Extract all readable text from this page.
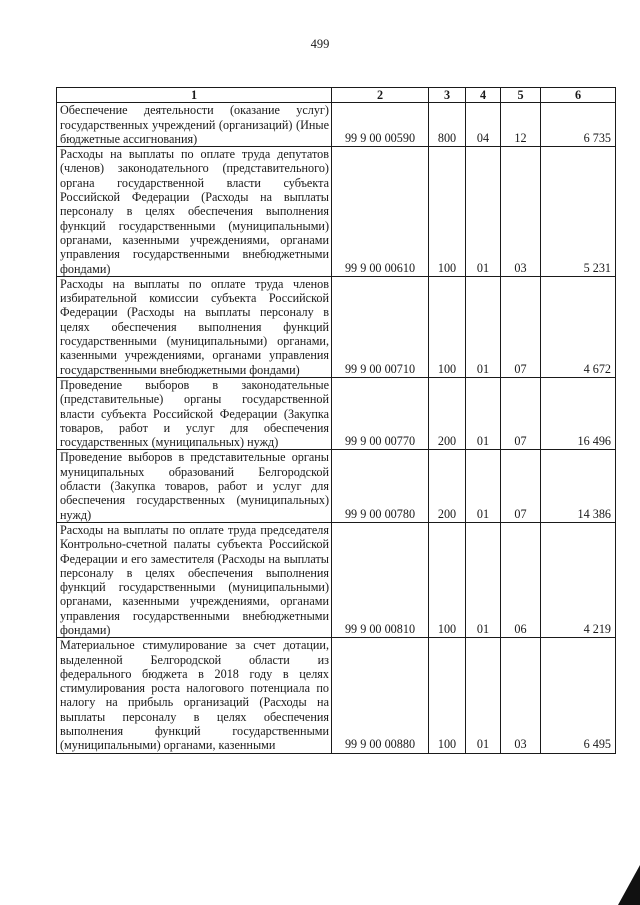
499
1	2	3	4	5	6
Обеспечение деятельности (оказание услуг) государственных учреждений (организаций) (Иные бюджетные ассигнования)	99 9 00 00590	800	04	12	6 735
Расходы на выплаты по оплате труда депутатов (членов) законодательного (представительного) органа государственной власти субъекта Российской Федерации (Расходы на выплаты персоналу в целях обеспечения выполнения функций государственными (муниципальными) органами, казенными учреждениями, органами управления государственными внебюджетными фондами)	99 9 00 00610	100	01	03	5 231
Расходы на выплаты по оплате труда членов избирательной комиссии субъекта Российской Федерации (Расходы на выплаты персоналу в целях обеспечения выполнения функций государственными (муниципальными) органами, казенными учреждениями, органами управления государственными внебюджетными фондами)	99 9 00 00710	100	01	07	4 672
Проведение выборов в законодательные (представительные) органы государственной власти субъекта Российской Федерации (Закупка товаров, работ и услуг для обеспечения государственных (муниципальных) нужд)	99 9 00 00770	200	01	07	16 496
Проведение выборов в представительные органы муниципальных образований Белгородской области (Закупка товаров, работ и услуг для обеспечения государственных (муниципальных) нужд)	99 9 00 00780	200	01	07	14 386
Расходы на выплаты по оплате труда председателя Контрольно-счетной палаты субъекта Российской Федерации и его заместителя (Расходы на выплаты персоналу в целях обеспечения выполнения функций государственными (муниципальными) органами, казенными учреждениями, органами управления государственными внебюджетными фондами)	99 9 00 00810	100	01	06	4 219
Материальное стимулирование за счет дотации, выделенной Белгородской области из федерального бюджета в 2018 году в целях стимулирования роста налогового потенциала по налогу на прибыль организаций (Расходы на выплаты персоналу в целях обеспечения выполнения функций государственными (муниципальными) органами, казенными	99 9 00 00880	100	01	03	6 495
